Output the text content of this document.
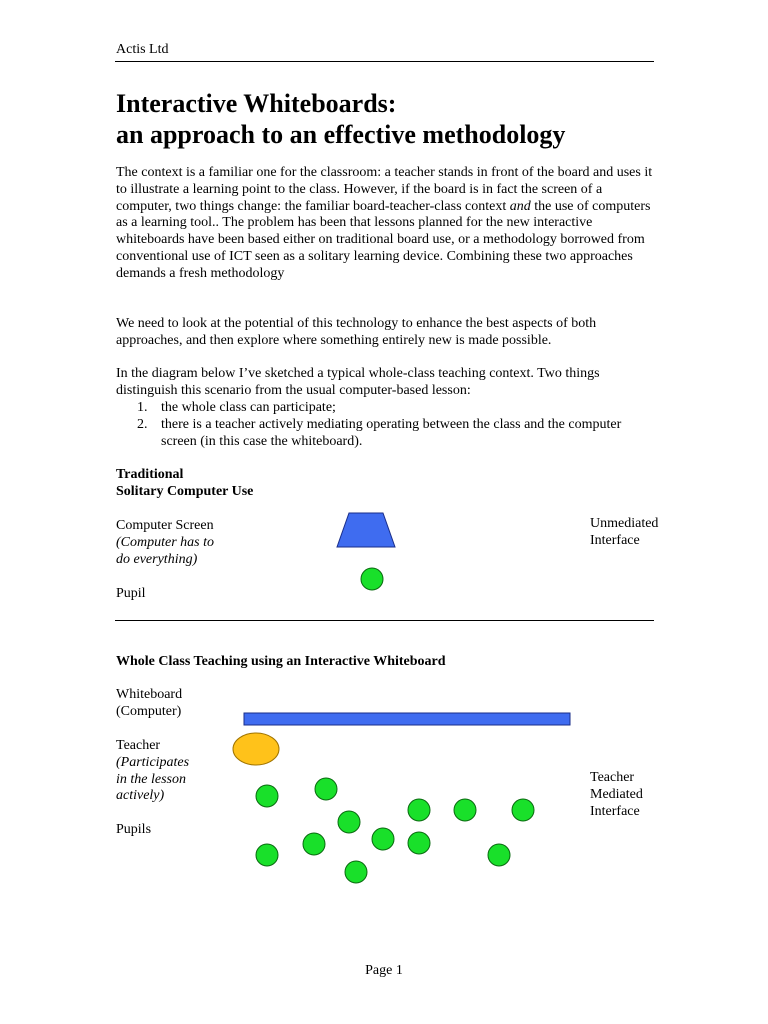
Actis Ltd
Interactive Whiteboards:
an approach to an effective methodology

The context is a familiar one for the classroom: a teacher stands in front of the board and uses it to illustrate a learning point to the class. However, if the board is in fact the screen of a computer, two things change: the familiar board-teacher-class context and the use of computers as a learning tool.. The problem has been that lessons planned for the new interactive whiteboards have been based either on traditional board use, or a methodology borrowed from conventional use of ICT seen as a solitary learning device. Combining these two approaches demands a fresh methodology

We need to look at the potential of this technology to enhance the best aspects of both approaches, and then explore where something entirely new is made possible.

In the diagram below I’ve sketched a typical whole-class teaching context. Two things distinguish this scenario from the usual computer-based lesson:

1. the whole class can participate;
2. there is a teacher actively mediating operating between the class and the computer screen (in this case the whiteboard).
Traditional
Solitary Computer Use
Computer Screen
(Computer has to
do everything)
Pupil
Unmediated
Interface
Whole Class Teaching using an Interactive Whiteboard
Whiteboard
(Computer)
Teacher
(Participates
in the lesson
actively)
Pupils
Teacher
Mediated
Interface
Page 1
